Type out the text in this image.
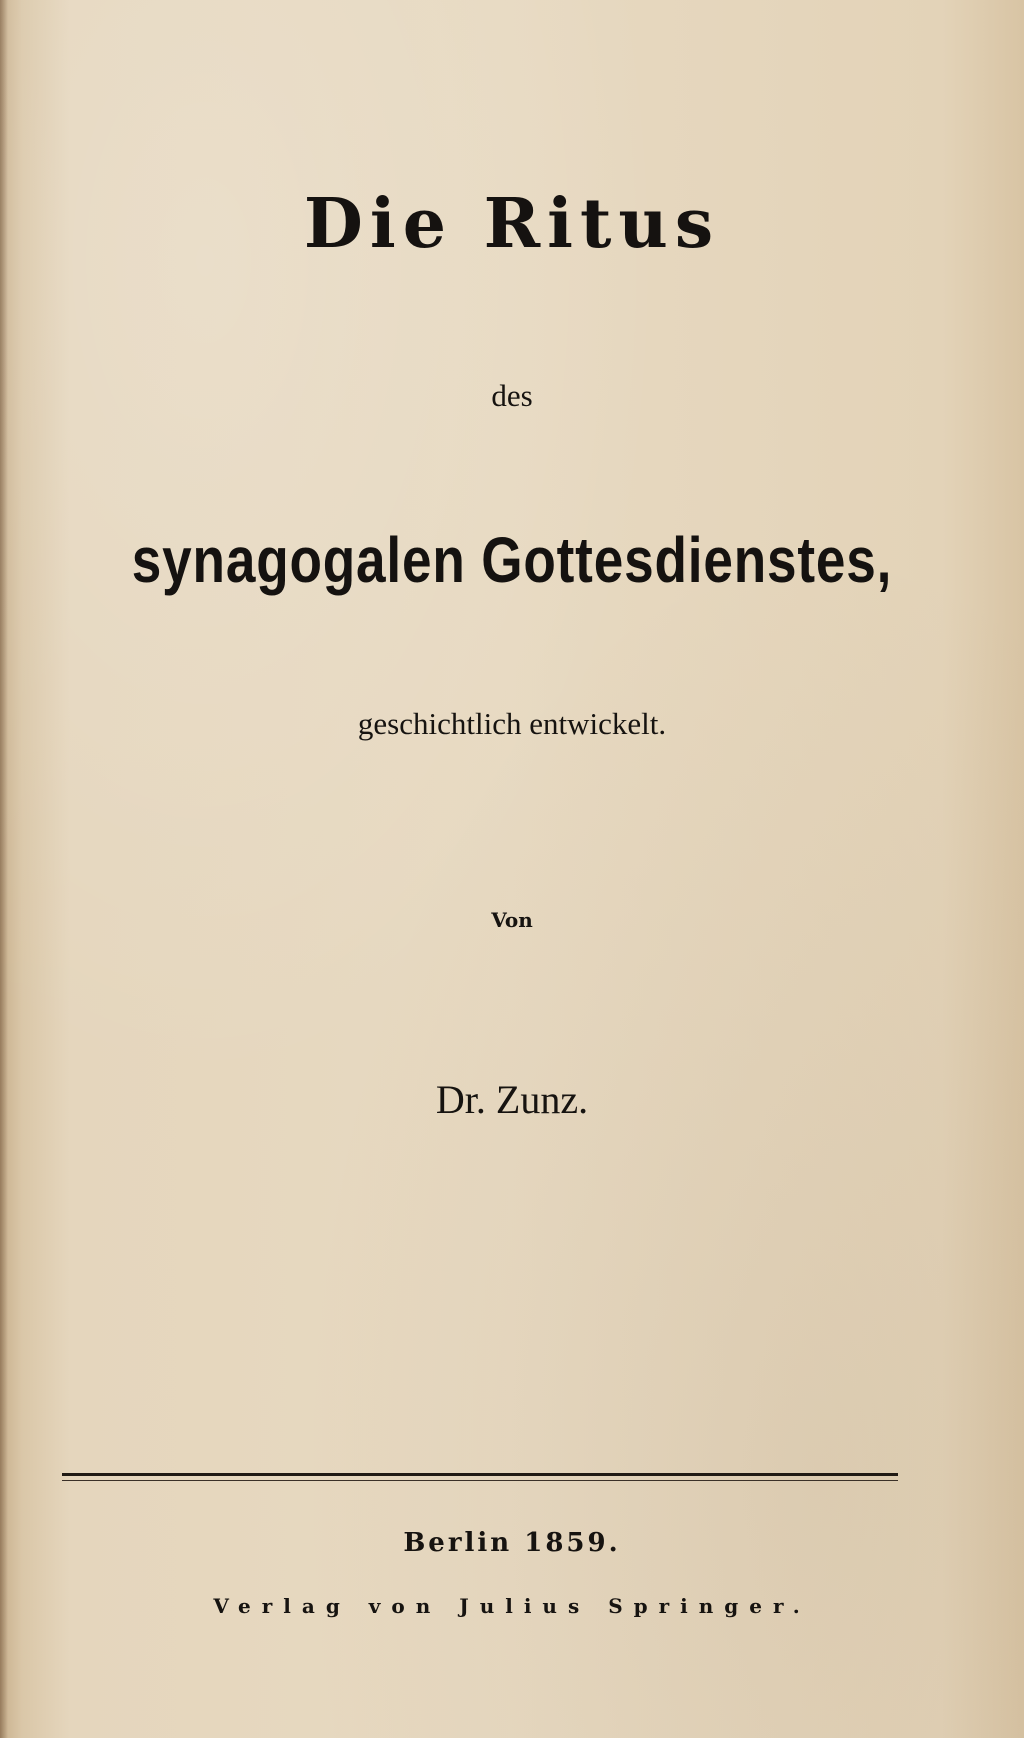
Die Ritus
des
synagogalen Gottesdienstes,
geschichtlich entwickelt.
Von
Dr. Zunz.
Berlin 1859.
Verlag von Julius Springer.
